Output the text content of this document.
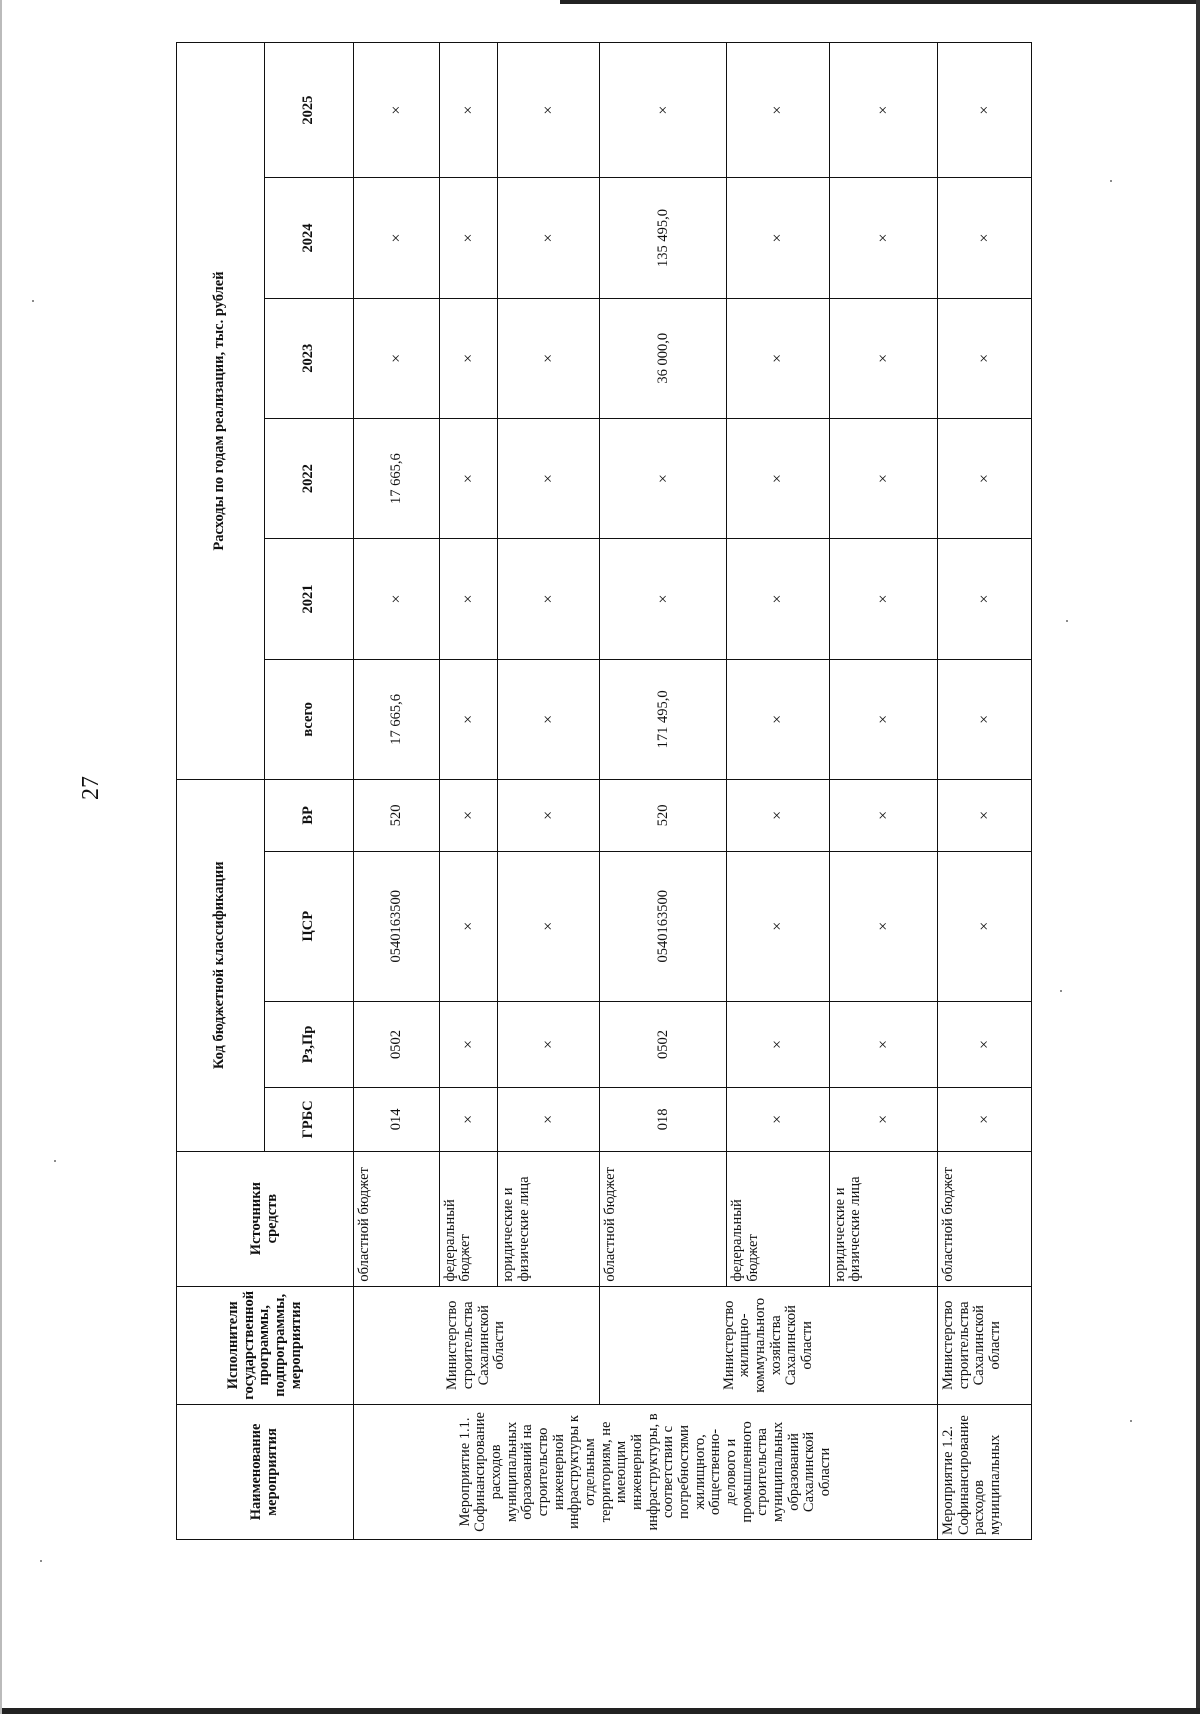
27
Наименование мероприятия	Исполнители государственной программы, подпрограммы, мероприятия	Источники средств	Код бюджетной классификации				Расходы по годам реализации, тыс. рублей					
			ГРБС	Рз,Пр	ЦСР	ВР	всего	2021	2022	2023	2024	2025
Мероприятие 1.1. Софинансирование расходов муниципальных образований на строительство инженерной инфраструктуры к отдельным территориям, не имеющим инженерной инфраструктуры, в соответствии с потребностями жилищного, общественно-делового и промышленного строительства муниципальных образований Сахалинской области	Министерство строительства Сахалинской области	областной бюджет	014	0502	0540163500	520	17 665,6	×	17 665,6	×	×	×
		федеральный бюджет	×	×	×	×	×	×	×	×	×	×
		юридические и физические лица	×	×	×	×	×	×	×	×	×	×
	Министерство жилищно-коммунального хозяйства Сахалинской области	областной бюджет	018	0502	0540163500	520	171 495,0	×	×	36 000,0	135 495,0	×
		федеральный бюджет	×	×	×	×	×	×	×	×	×	×
		юридические и физические лица	×	×	×	×	×	×	×	×	×	×
Мероприятие 1.2. Софинансирование расходов муниципальных	Министерство строительства Сахалинской области	областной бюджет	×	×	×	×	×	×	×	×	×	×
